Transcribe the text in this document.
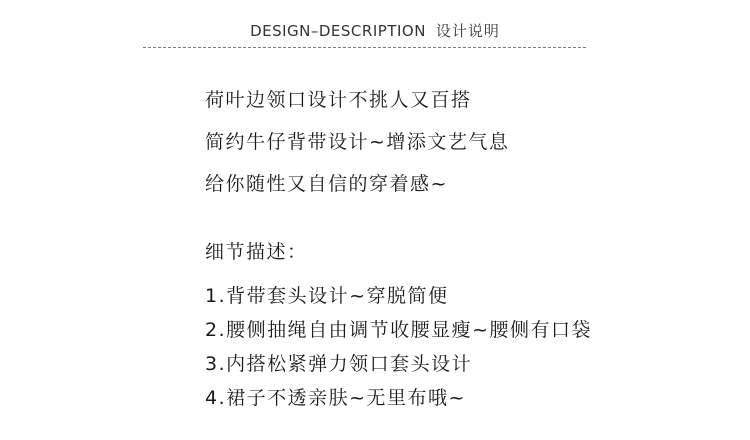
DESIGN–DESCRIPTION 设计说明
荷叶边领口设计不挑人又百搭
简约牛仔背带设计~增添文艺气息
给你随性又自信的穿着感~
细节描述：
1.背带套头设计~穿脱简便
2.腰侧抽绳自由调节收腰显瘦~腰侧有口袋
3.内搭松紧弹力领口套头设计
4.裙子不透亲肤~无里布哦~
